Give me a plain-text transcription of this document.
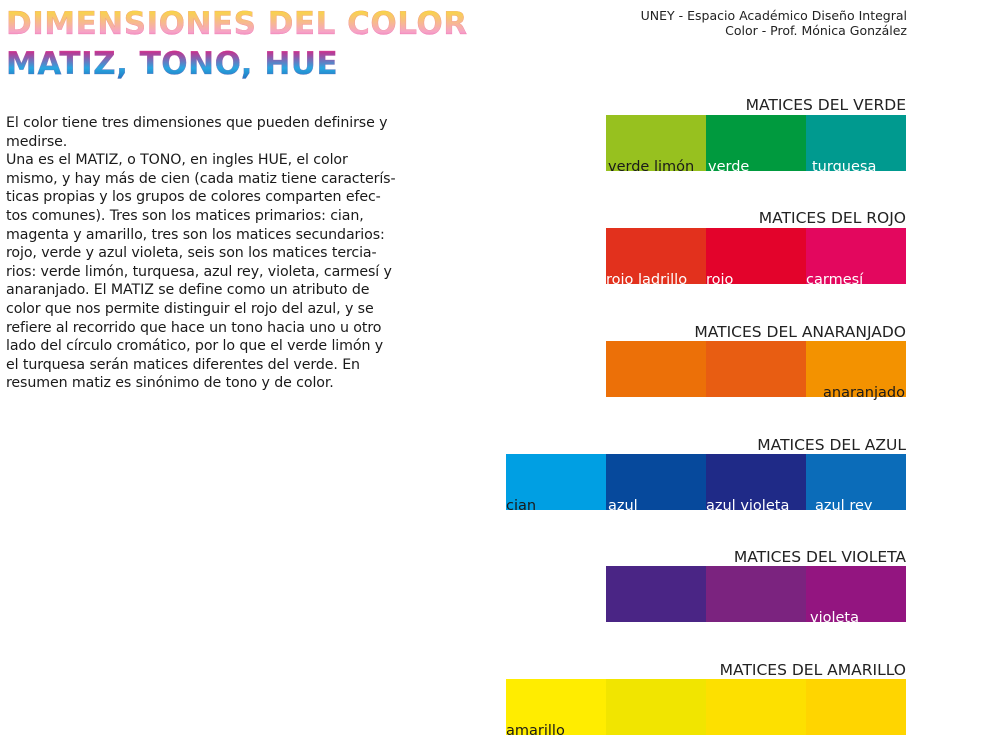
DIMENSIONES DEL COLOR
MATIZ, TONO, HUE
UNEY - Espacio Académico Diseño Integral
Color - Prof. Mónica González
El color tiene tres dimensiones que pueden definirse y
medirse.
Una es el MATIZ, o TONO, en ingles HUE, el color
mismo, y hay más de cien (cada matiz tiene caracterís-
ticas propias y los grupos de colores comparten efec-
tos comunes). Tres son los matices primarios: cian,
magenta y amarillo, tres son los matices secundarios:
rojo, verde y azul violeta, seis son los matices tercia-
rios: verde limón, turquesa, azul rey, violeta, carmesí y
anaranjado. El MATIZ se define como un atributo de
color que nos permite distinguir el rojo del azul, y se
refiere al recorrido que hace un tono hacia uno u otro
lado del círculo cromático, por lo que el verde limón y
el turquesa serán matices diferentes del verde. En
resumen matiz es sinónimo de tono y de color.
MATICES DEL VERDE
verde limón verde	turquesa
MATICES DEL ROJO
rojo ladrillo rojo	carmesí
MATICES DEL ANARANJADO
anaranjado
MATICES DEL AZUL
cian	azul	azul violeta azul rey
MATICES DEL VIOLETA
violeta
MATICES DEL AMARILLO
amarillo
